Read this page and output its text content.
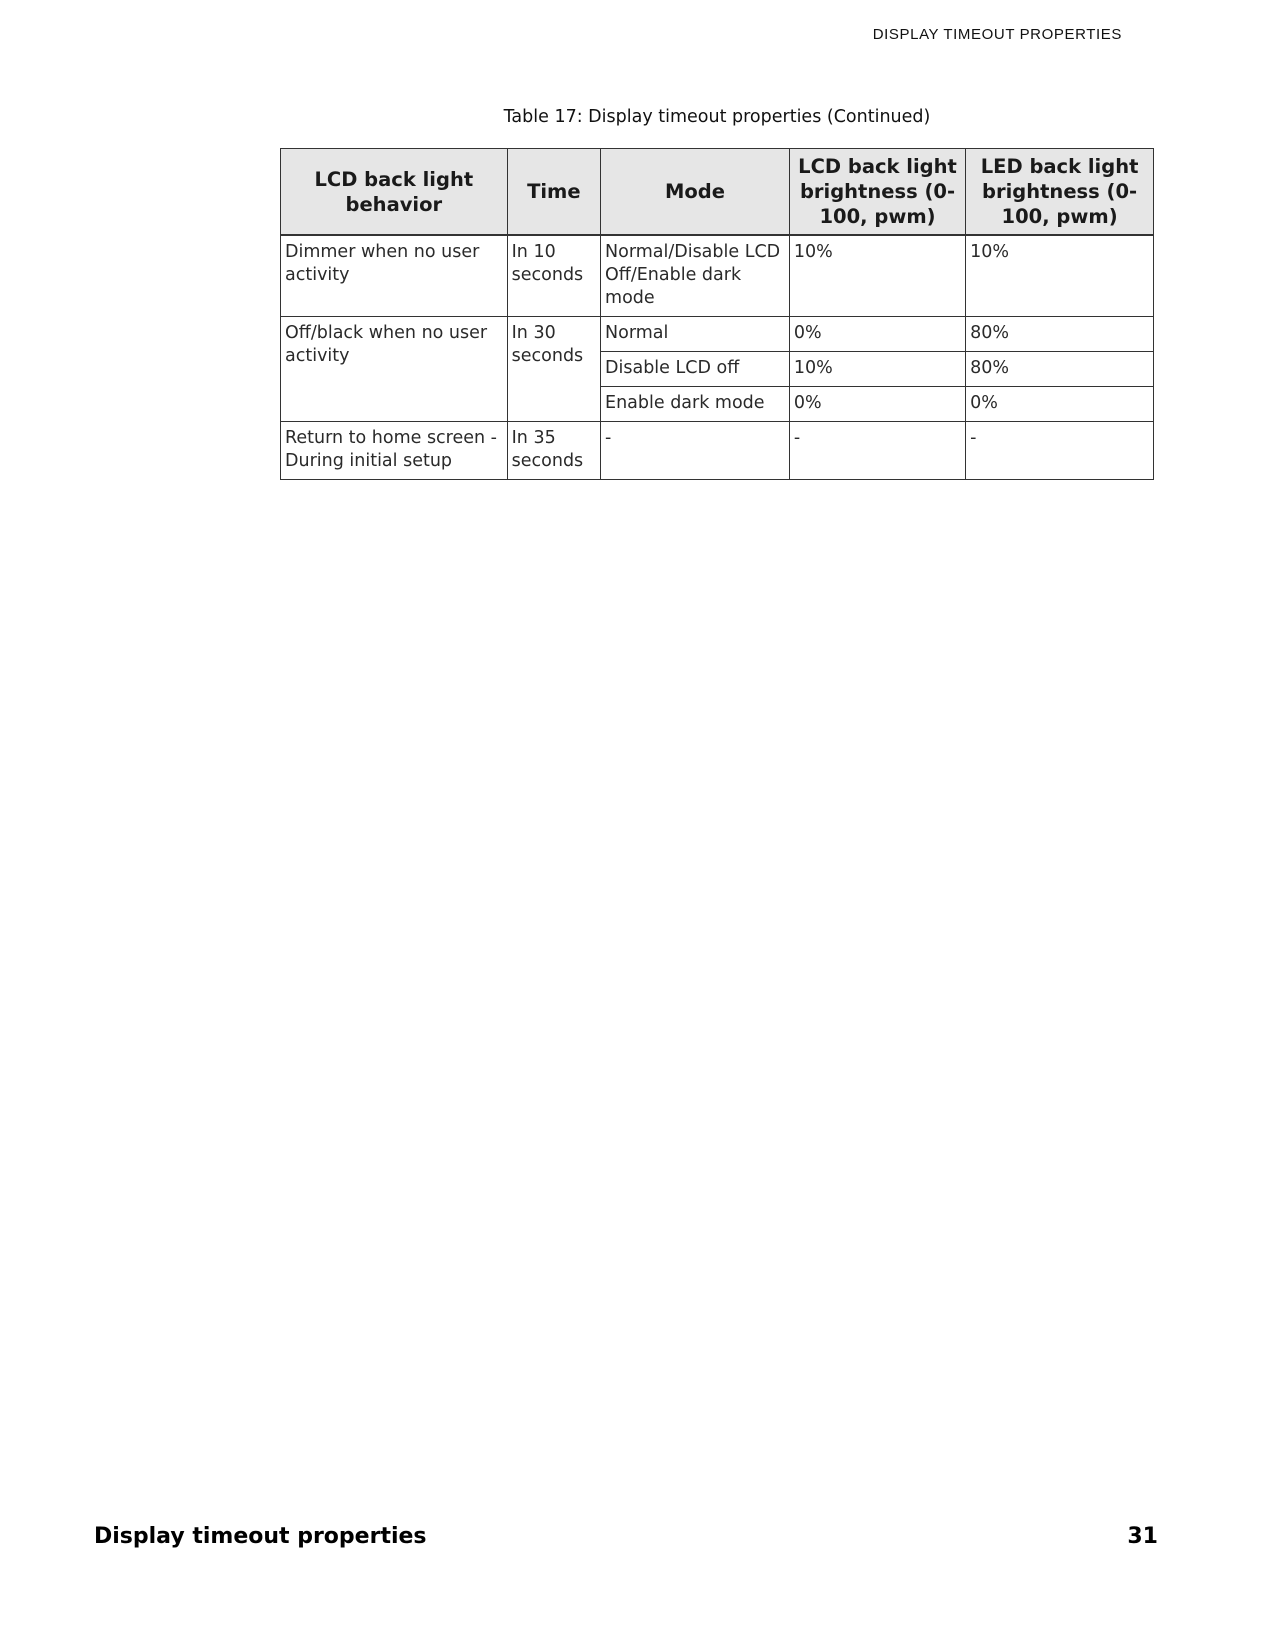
DISPLAY TIMEOUT PROPERTIES
Table 17: Display timeout properties (Continued)
LCD back light behavior	Time	Mode	LCD back light brightness (0-100, pwm)	LED back light brightness (0-100, pwm)
Dimmer when no user activity	In 10 seconds	Normal/Disable LCD Off/Enable dark mode	10%	10%
Off/black when no user activity	In 30 seconds	Normal	0%	80%
		Disable LCD off	10%	80%
		Enable dark mode	0%	0%
Return to home screen - During initial setup	In 35 seconds	-	-	-
Display timeout properties	31
